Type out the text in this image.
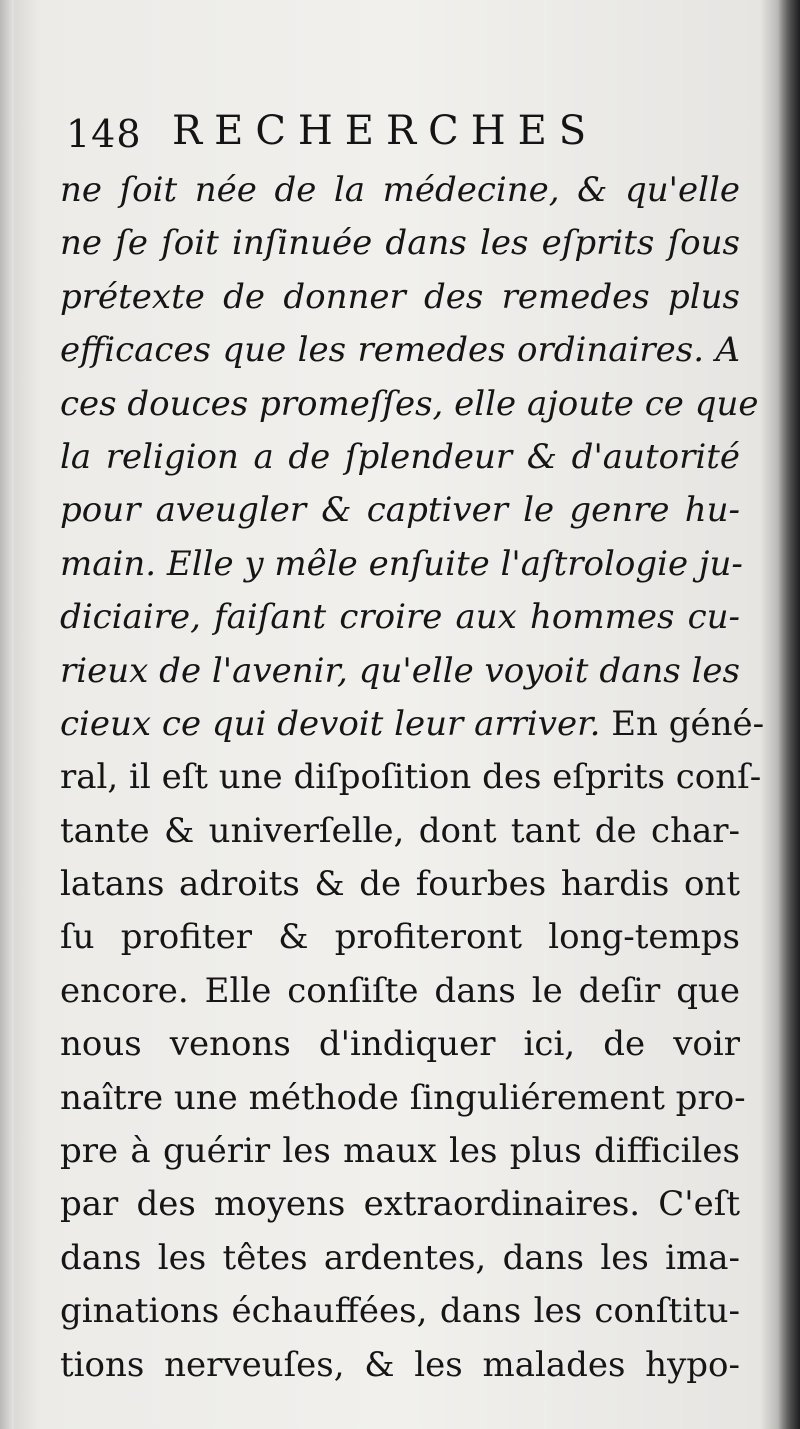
148 RECHERCHES
ne ſoit née de la médecine, & qu'elle
ne ſe ſoit inſinuée dans les eſprits ſous
prétexte de donner des remedes plus
efficaces que les remedes ordinaires. A
ces douces promeſſes, elle ajoute ce que
la religion a de ſplendeur & d'autorité
pour aveugler & captiver le genre hu-
main. Elle y mêle enſuite l'aſtrologie ju-
diciaire, faiſant croire aux hommes cu-
rieux de l'avenir, qu'elle voyoit dans les
cieux ce qui devoit leur arriver. En géné-
ral, il eſt une diſpoſition des eſprits conſ-
tante & univerſelle, dont tant de char-
latans adroits & de fourbes hardis ont
ſu profiter & profiteront long-temps
encore. Elle conſiſte dans le deſir que
nous venons d'indiquer ici, de voir
naître une méthode ſinguliérement pro-
pre à guérir les maux les plus difficiles
par des moyens extraordinaires. C'eſt
dans les têtes ardentes, dans les ima-
ginations échauffées, dans les conſtitu-
tions nerveuſes, & les malades hypo-
